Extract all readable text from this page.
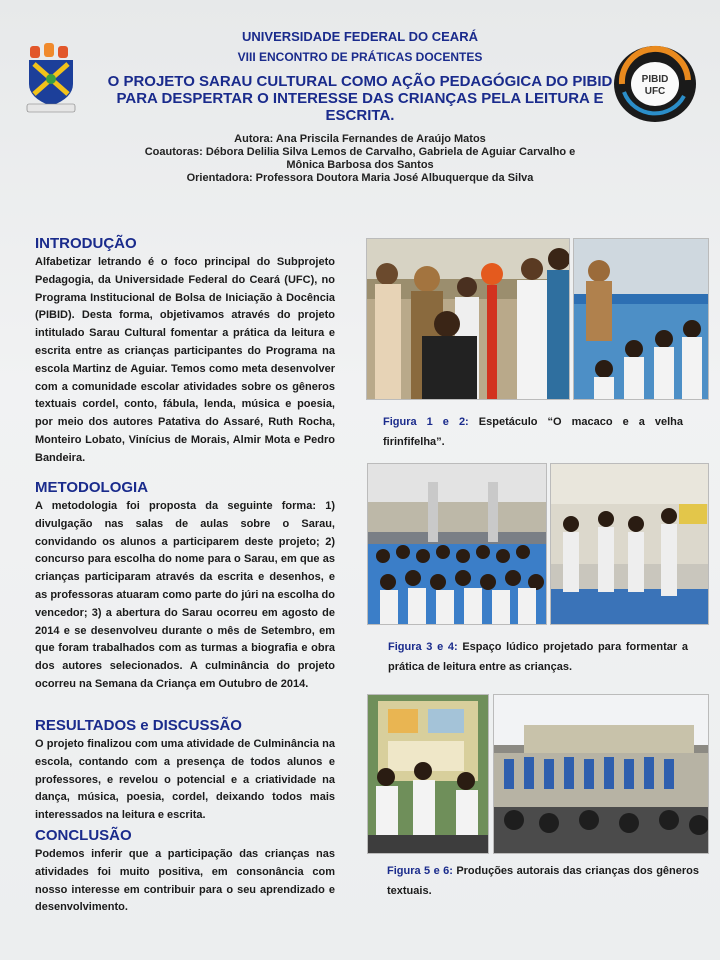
UNIVERSIDADE FEDERAL DO CEARÁ
VIII ENCONTRO DE PRÁTICAS DOCENTES
O PROJETO SARAU CULTURAL COMO AÇÃO PEDAGÓGICA DO PIBID PARA DESPERTAR O INTERESSE DAS CRIANÇAS PELA LEITURA E ESCRITA.
Autora: Ana Priscila Fernandes de Araújo Matos
Coautoras: Débora Delilia Silva Lemos de Carvalho, Gabriela de Aguiar Carvalho e
Mônica Barbosa dos Santos
Orientadora: Professora Doutora Maria José Albuquerque da Silva
PIBID
UFC
INTRODUÇÃO

Alfabetizar letrando é o foco principal do Subprojeto Pedagogia, da Universidade Federal do Ceará (UFC), no Programa Institucional de Bolsa de Iniciação à Docência (PIBID). Desta forma, objetivamos através do projeto intitulado Sarau Cultural fomentar a prática da leitura e escrita entre as crianças participantes do Programa na escola Martinz de Aguiar. Temos como meta desenvolver com a comunidade escolar atividades sobre os gêneros textuais cordel, conto, fábula, lenda, música e poesia, por meio dos autores Patativa do Assaré, Ruth Rocha, Monteiro Lobato, Vinícius de Morais, Almir Mota e Pedro Bandeira.

METODOLOGIA

A metodologia foi proposta da seguinte forma: 1) divulgação nas salas de aulas sobre o Sarau, convidando os alunos a participarem deste projeto; 2) concurso para escolha do nome para o Sarau, em que as crianças participaram através da escrita e desenhos, e as professoras atuaram como parte do júri na escolha do vencedor; 3) a abertura do Sarau ocorreu em agosto de 2014 e se desenvolveu durante o mês de Setembro, em que foram trabalhados com as turmas a biografia e obra dos autores selecionados. A culminância do projeto ocorreu na Semana da Criança em Outubro de 2014.

RESULTADOS e DISCUSSÃO

O projeto finalizou com uma atividade de Culminância na escola, contando com a presença de todos alunos e professores, e revelou o potencial e a criatividade na dança, música, poesia, cordel, deixando todos mais interessados na leitura e escrita.

CONCLUSÃO

Podemos inferir que a participação das crianças nas atividades foi muito positiva, em consonância com nosso interesse em contribuir para o seu aprendizado e desenvolvimento.

Figura 1 e 2: Espetáculo “O macaco e a velha firinfifelha”.
Figura 3 e 4: Espaço lúdico projetado para formentar a prática de leitura entre as crianças.
Figura 5 e 6: Produções autorais das crianças dos gêneros textuais.
